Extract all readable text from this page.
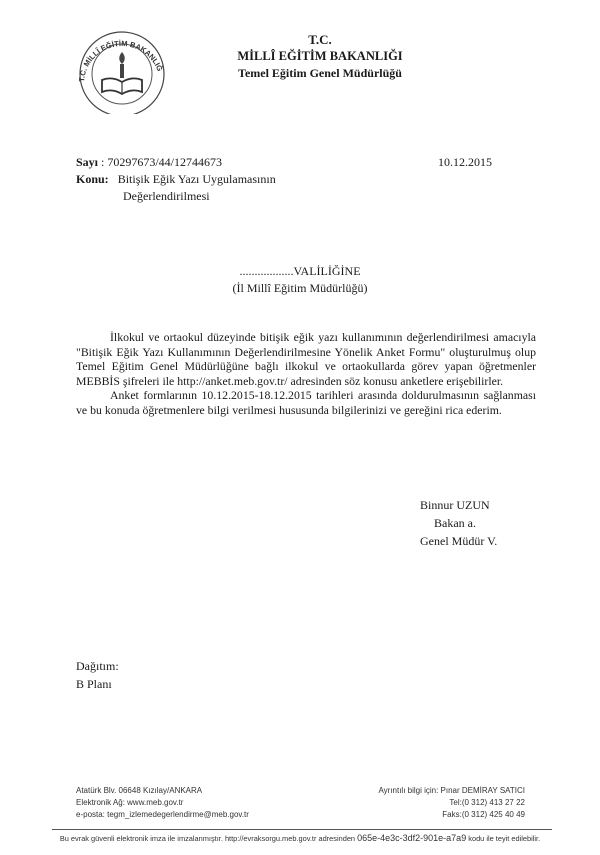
T.C. MİLLÎ EĞİTİM BAKANLIĞ
T.C.
MİLLÎ EĞİTİM BAKANLIĞI
Temel Eğitim Genel Müdürlüğü
Sayı : 70297673/44/12744673	10.12.2015
Konu: Bitişik Eğik Yazı Uygulamasının
Değerlendirilmesi
..................VALİLİĞİNE
(İl Millî Eğitim Müdürlüğü)

İlkokul ve ortaokul düzeyinde bitişik eğik yazı kullanımının değerlendirilmesi amacıyla "Bitişik Eğik Yazı Kullanımının Değerlendirilmesine Yönelik Anket Formu" oluşturulmuş olup Temel Eğitim Genel Müdürlüğüne bağlı ilkokul ve ortaokullarda görev yapan öğretmenler MEBBİS şifreleri ile http://anket.meb.gov.tr/ adresinden söz konusu anketlere erişebilirler.

Anket formlarının 10.12.2015-18.12.2015 tarihleri arasında doldurulmasının sağlanması ve bu konuda öğretmenlere bilgi verilmesi hususunda bilgilerinizi ve gereğini rica ederim.

Binnur UZUN
Bakan a.
Genel Müdür V.
Dağıtım:
B Planı
Atatürk Blv. 06648 Kızılay/ANKARA
Elektronik Ağ: www.meb.gov.tr
e-posta: tegm_izlemedegerlendirme@meb.gov.tr
Ayrıntılı bilgi için: Pınar DEMİRAY SATICI
Tel:(0 312) 413 27 22
Faks:(0 312) 425 40 49
Bu evrak güvenli elektronik imza ile imzalanmıştır. http://evraksorgu.meb.gov.tr adresinden 065e-4e3c-3df2-901e-a7a9 kodu ile teyit edilebilir.
